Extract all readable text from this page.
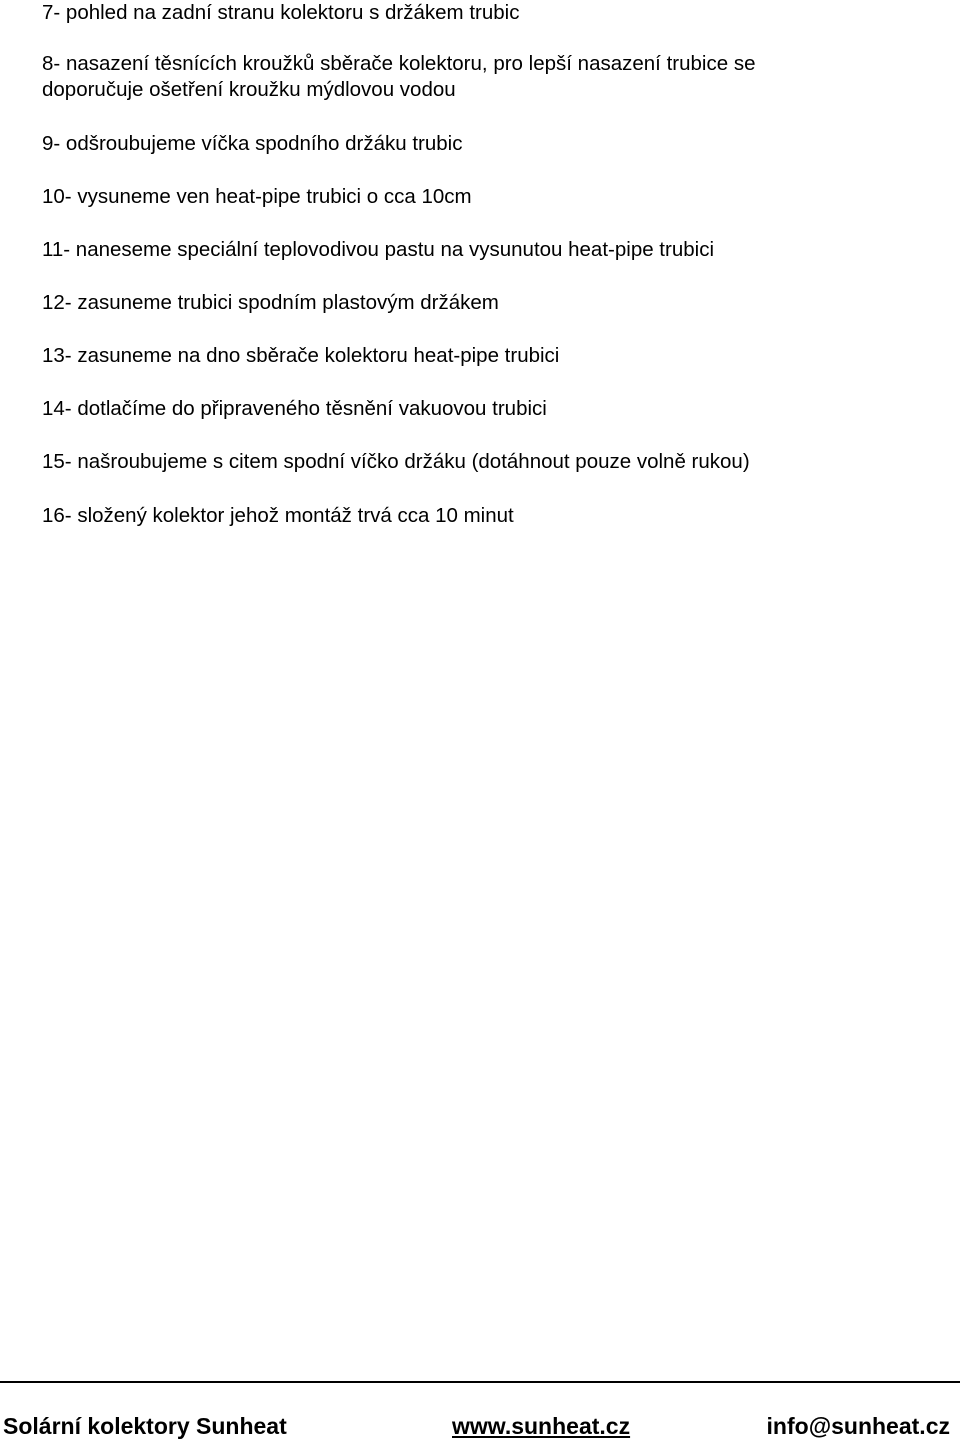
7- pohled na zadní stranu kolektoru s držákem trubic
8- nasazení těsnících kroužků sběrače kolektoru, pro lepší nasazení trubice se
doporučuje ošetření kroužku mýdlovou vodou
9- odšroubujeme víčka spodního držáku trubic
10- vysuneme ven heat-pipe trubici o cca 10cm
11- naneseme speciální teplovodivou pastu na vysunutou heat-pipe trubici
12- zasuneme trubici spodním plastovým držákem
13- zasuneme na dno sběrače kolektoru heat-pipe trubici
14- dotlačíme do připraveného těsnění vakuovou trubici
15- našroubujeme s citem spodní víčko držáku (dotáhnout pouze volně rukou)
16- složený kolektor jehož montáž trvá cca 10 minut
Solární kolektory Sunheat	www.sunheat.cz	info@sunheat.cz
